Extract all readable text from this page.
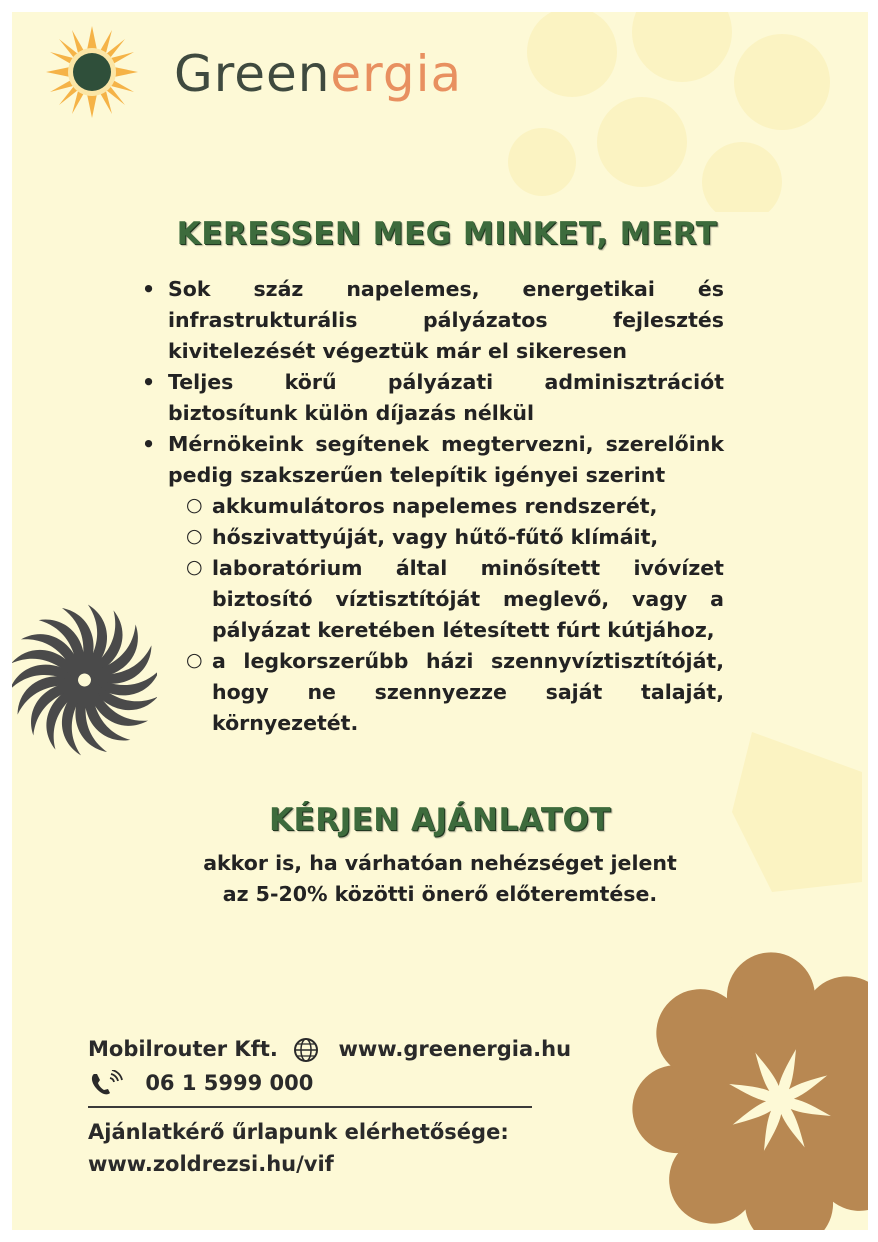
Greenergia
KERESSEN MEG MINKET, MERT
• Sok száz napelemes, energetikai és infrastrukturális pályázatos fejlesztés kivitelezését végeztük már el sikeresen
• Teljes körű pályázati adminisztrációt biztosítunk külön díjazás nélkül
• Mérnökeink segítenek megtervezni, szerelőink pedig szakszerűen telepítik igényei szerint
○ akkumulátoros napelemes rendszerét,
○ hőszivattyúját, vagy hűtő-fűtő klímáit,
○ laboratórium által minősített ivóvízet biztosító víztisztítóját meglevő, vagy a pályázat keretében létesített fúrt kútjához,
○ a legkorszerűbb házi szennyvíztisztítóját, hogy ne szennyezze saját talaját, környezetét.
KÉRJEN AJÁNLATOT
akkor is, ha várhatóan nehézséget jelent
az 5-20% közötti önerő előteremtése.
Mobilrouter Kft.	www.greenergia.hu
06 1 5999 000
Ajánlatkérő űrlapunk elérhetősége:
www.zoldrezsi.hu/vif
